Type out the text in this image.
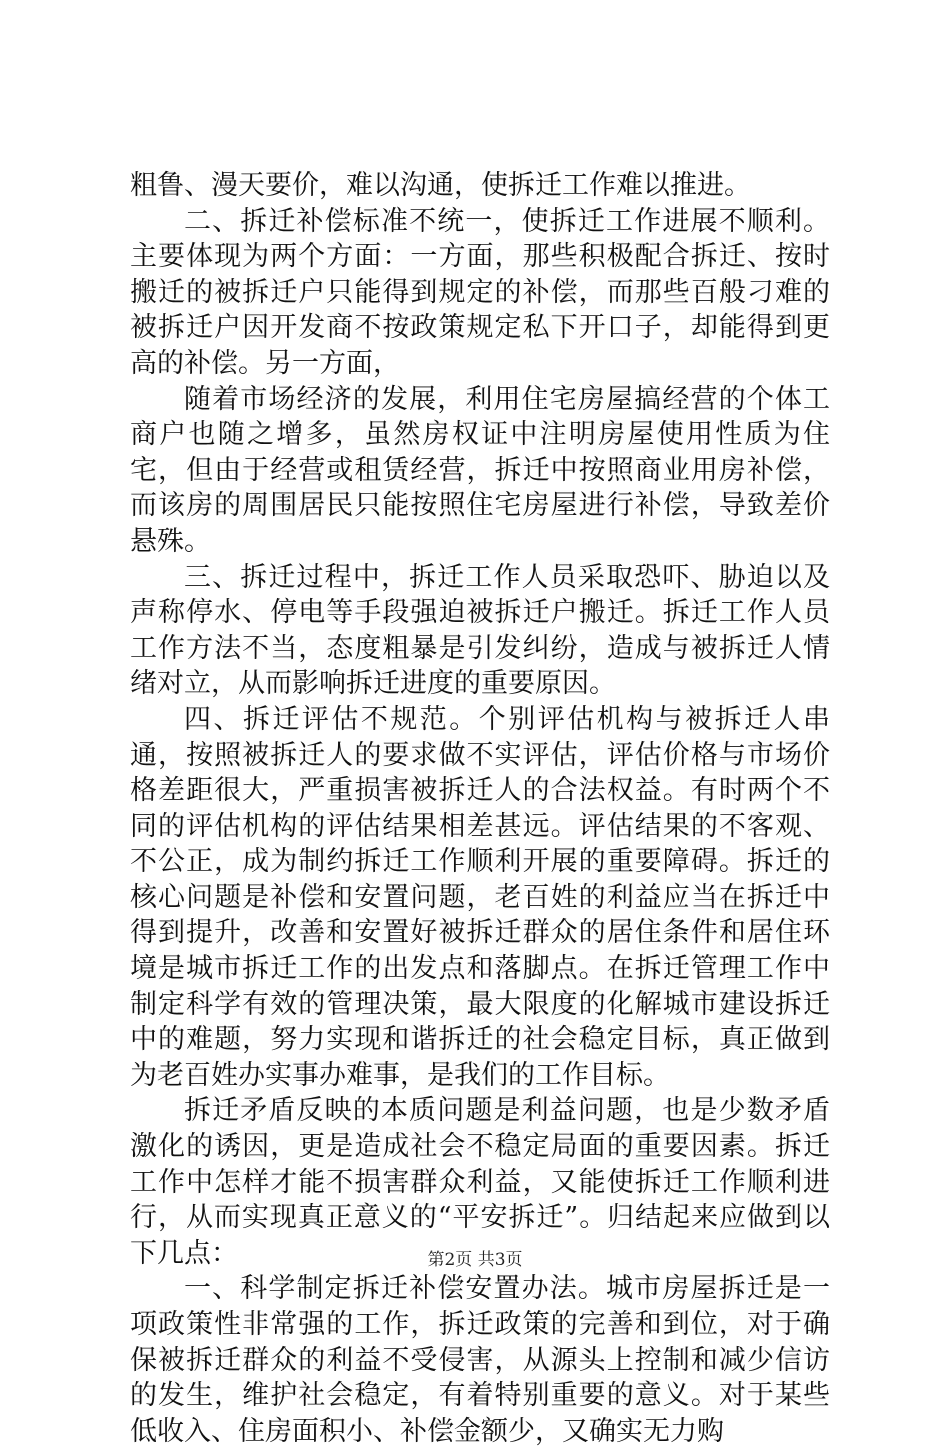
粗鲁、漫天要价，难以沟通，使拆迁工作难以推进。

二、拆迁补偿标准不统一，使拆迁工作进展不顺利。主要体现为两个方面：一方面，那些积极配合拆迁、按时搬迁的被拆迁户只能得到规定的补偿，而那些百般刁难的被拆迁户因开发商不按政策规定私下开口子，却能得到更高的补偿。另一方面，

随着市场经济的发展，利用住宅房屋搞经营的个体工商户也随之增多，虽然房权证中注明房屋使用性质为住宅，但由于经营或租赁经营，拆迁中按照商业用房补偿，而该房的周围居民只能按照住宅房屋进行补偿，导致差价悬殊。

三、拆迁过程中，拆迁工作人员采取恐吓、胁迫以及声称停水、停电等手段强迫被拆迁户搬迁。拆迁工作人员工作方法不当，态度粗暴是引发纠纷，造成与被拆迁人情绪对立，从而影响拆迁进度的重要原因。

四、拆迁评估不规范。个别评估机构与被拆迁人串通，按照被拆迁人的要求做不实评估，评估价格与市场价格差距很大，严重损害被拆迁人的合法权益。有时两个不同的评估机构的评估结果相差甚远。评估结果的不客观、不公正，成为制约拆迁工作顺利开展的重要障碍。拆迁的核心问题是补偿和安置问题，老百姓的利益应当在拆迁中得到提升，改善和安置好被拆迁群众的居住条件和居住环境是城市拆迁工作的出发点和落脚点。在拆迁管理工作中制定科学有效的管理决策，最大限度的化解城市建设拆迁中的难题，努力实现和谐拆迁的社会稳定目标，真正做到为老百姓办实事办难事，是我们的工作目标。

拆迁矛盾反映的本质问题是利益问题，也是少数矛盾激化的诱因，更是造成社会不稳定局面的重要因素。拆迁工作中怎样才能不损害群众利益，又能使拆迁工作顺利进行，从而实现真正意义的“平安拆迁”。归结起来应做到以下几点：

一、科学制定拆迁补偿安置办法。城市房屋拆迁是一项政策性非常强的工作，拆迁政策的完善和到位，对于确保被拆迁群众的利益不受侵害，从源头上控制和减少信访的发生，维护社会稳定，有着特别重要的意义。对于某些低收入、住房面积小、补偿金额少，又确实无力购

第2页 共3页
